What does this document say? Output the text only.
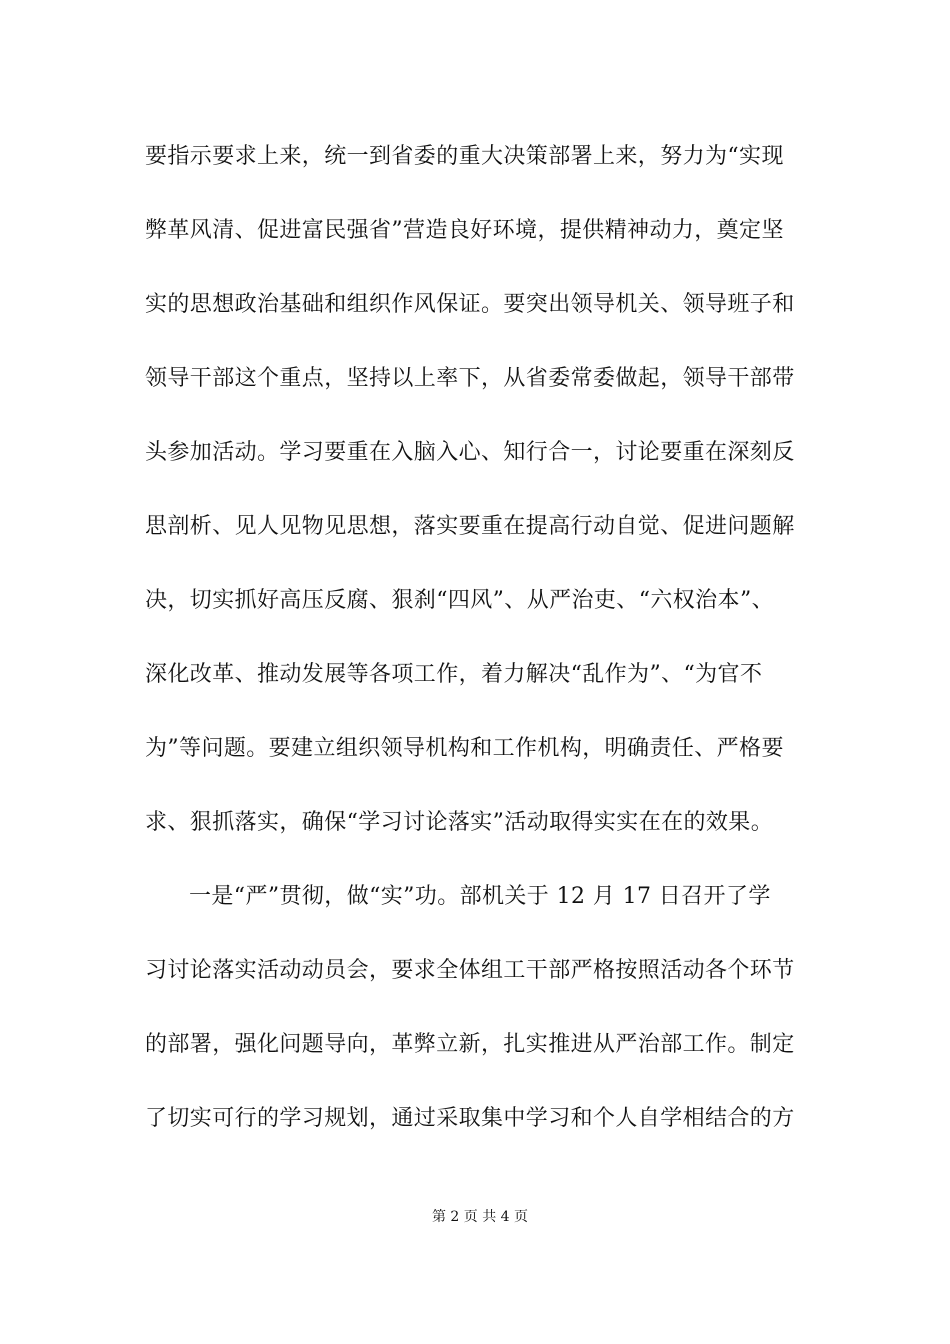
要指示要求上来，统一到省委的重大决策部署上来，努力为“实现
弊革风清、促进富民强省”营造良好环境，提供精神动力，奠定坚
实的思想政治基础和组织作风保证。要突出领导机关、领导班子和
领导干部这个重点，坚持以上率下，从省委常委做起，领导干部带
头参加活动。学习要重在入脑入心、知行合一，讨论要重在深刻反
思剖析、见人见物见思想，落实要重在提高行动自觉、促进问题解
决，切实抓好高压反腐、狠刹“四风”、从严治吏、“六权治本”、
深化改革、推动发展等各项工作，着力解决“乱作为”、“为官不
为”等问题。要建立组织领导机构和工作机构，明确责任、严格要
求、狠抓落实，确保“学习讨论落实”活动取得实实在在的效果。
一是“严”贯彻，做“实”功。部机关于 12 月 17 日召开了学
习讨论落实活动动员会，要求全体组工干部严格按照活动各个环节
的部署，强化问题导向，革弊立新，扎实推进从严治部工作。制定
了切实可行的学习规划，通过采取集中学习和个人自学相结合的方
第 2 页 共 4 页
